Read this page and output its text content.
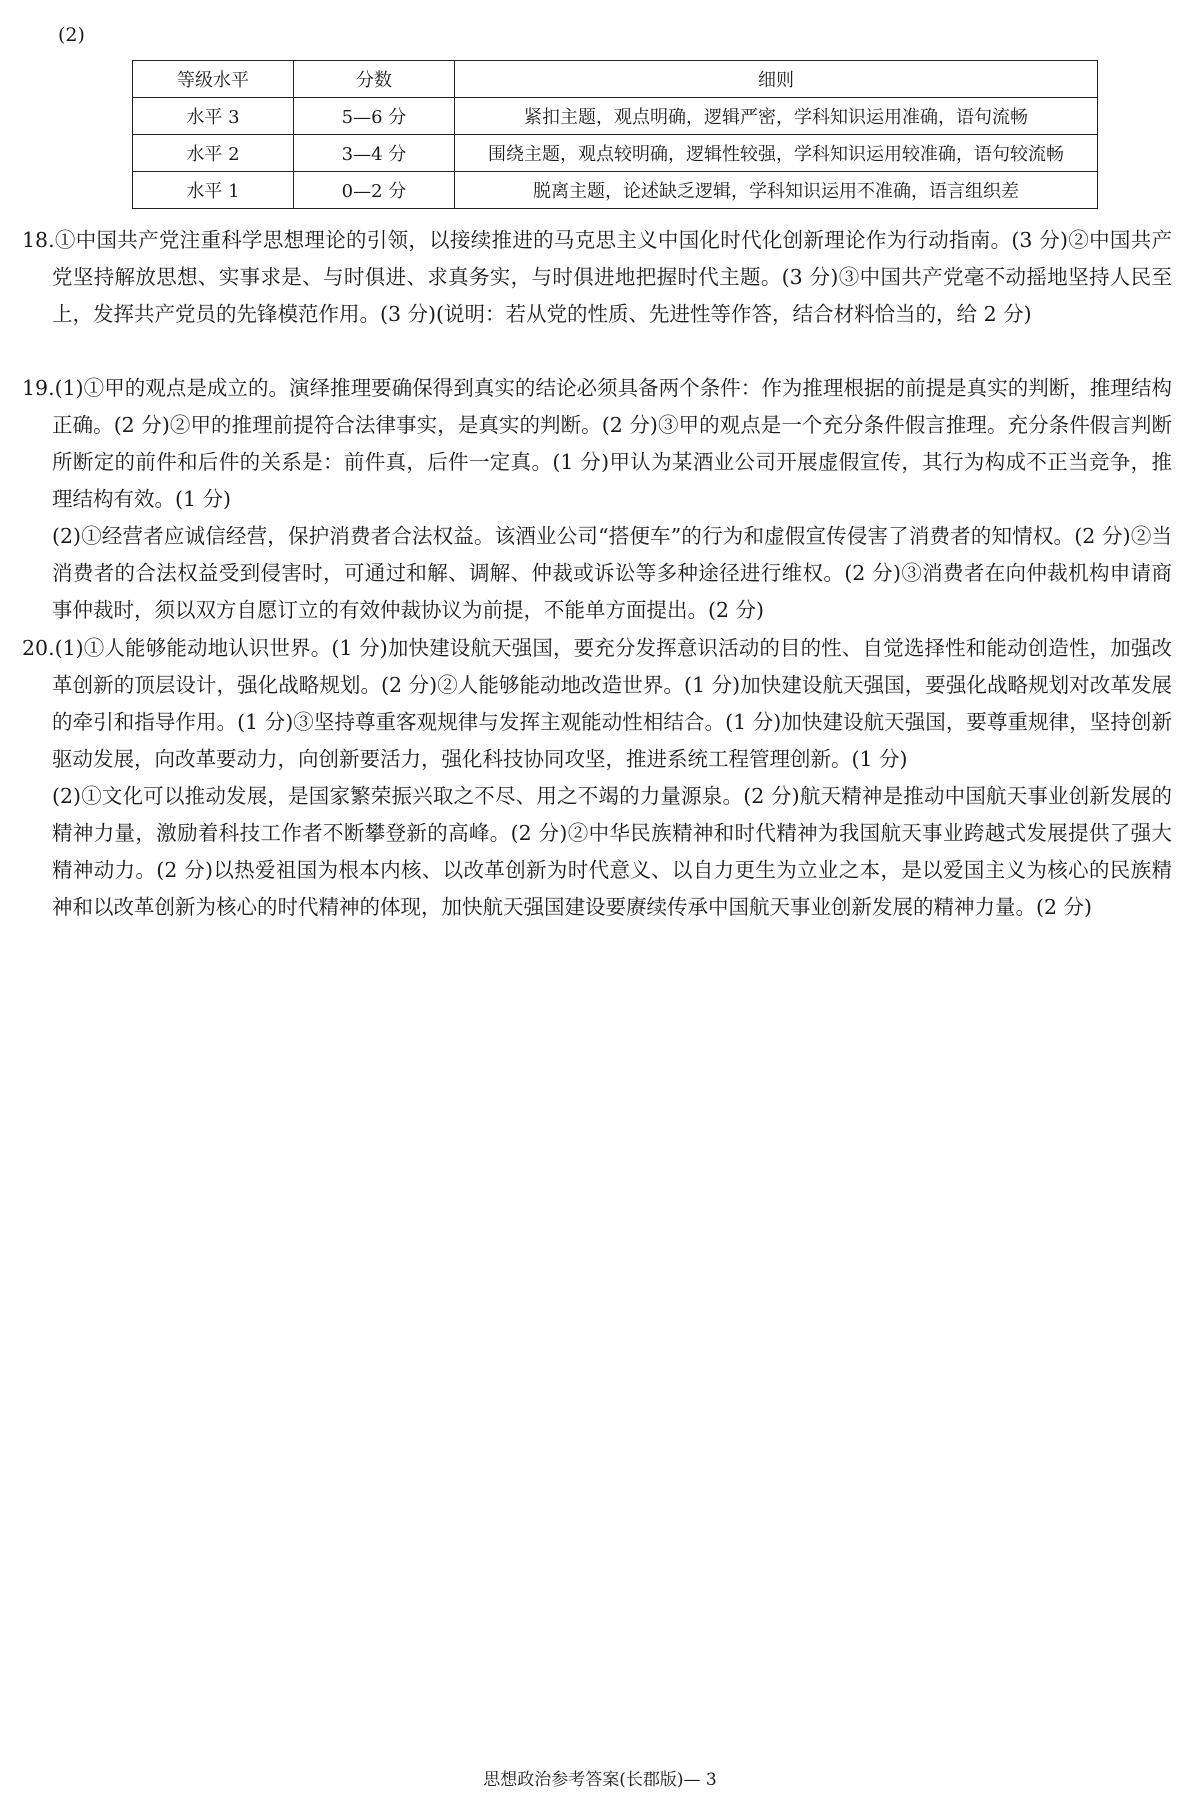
(2)
等级水平	分数	细则
水平 3	5—6 分	紧扣主题，观点明确，逻辑严密，学科知识运用准确，语句流畅
水平 2	3—4 分	围绕主题，观点较明确，逻辑性较强，学科知识运用较准确，语句较流畅
水平 1	0—2 分	脱离主题，论述缺乏逻辑，学科知识运用不准确，语言组织差

18.①中国共产党注重科学思想理论的引领，以接续推进的马克思主义中国化时代化创新理论作为行动指南。(3 分)②中国共产党坚持解放思想、实事求是、与时俱进、求真务实，与时俱进地把握时代主题。(3 分)③中国共产党毫不动摇地坚持人民至上，发挥共产党员的先锋模范作用。(3 分)(说明：若从党的性质、先进性等作答，结合材料恰当的，给 2 分)

19.(1)①甲的观点是成立的。演绎推理要确保得到真实的结论必须具备两个条件：作为推理根据的前提是真实的判断，推理结构正确。(2 分)②甲的推理前提符合法律事实，是真实的判断。(2 分)③甲的观点是一个充分条件假言推理。充分条件假言判断所断定的前件和后件的关系是：前件真，后件一定真。(1 分)甲认为某酒业公司开展虚假宣传，其行为构成不正当竞争，推理结构有效。(1 分)

(2)①经营者应诚信经营，保护消费者合法权益。该酒业公司“搭便车”的行为和虚假宣传侵害了消费者的知情权。(2 分)②当消费者的合法权益受到侵害时，可通过和解、调解、仲裁或诉讼等多种途径进行维权。(2 分)③消费者在向仲裁机构申请商事仲裁时，须以双方自愿订立的有效仲裁协议为前提，不能单方面提出。(2 分)

20.(1)①人能够能动地认识世界。(1 分)加快建设航天强国，要充分发挥意识活动的目的性、自觉选择性和能动创造性，加强改革创新的顶层设计，强化战略规划。(2 分)②人能够能动地改造世界。(1 分)加快建设航天强国，要强化战略规划对改革发展的牵引和指导作用。(1 分)③坚持尊重客观规律与发挥主观能动性相结合。(1 分)加快建设航天强国，要尊重规律，坚持创新驱动发展，向改革要动力，向创新要活力，强化科技协同攻坚，推进系统工程管理创新。(1 分)

(2)①文化可以推动发展，是国家繁荣振兴取之不尽、用之不竭的力量源泉。(2 分)航天精神是推动中国航天事业创新发展的精神力量，激励着科技工作者不断攀登新的高峰。(2 分)②中华民族精神和时代精神为我国航天事业跨越式发展提供了强大精神动力。(2 分)以热爱祖国为根本内核、以改革创新为时代意义、以自力更生为立业之本，是以爱国主义为核心的民族精神和以改革创新为核心的时代精神的体现，加快航天强国建设要赓续传承中国航天事业创新发展的精神力量。(2 分)

思想政治参考答案(长郡版)— 3
